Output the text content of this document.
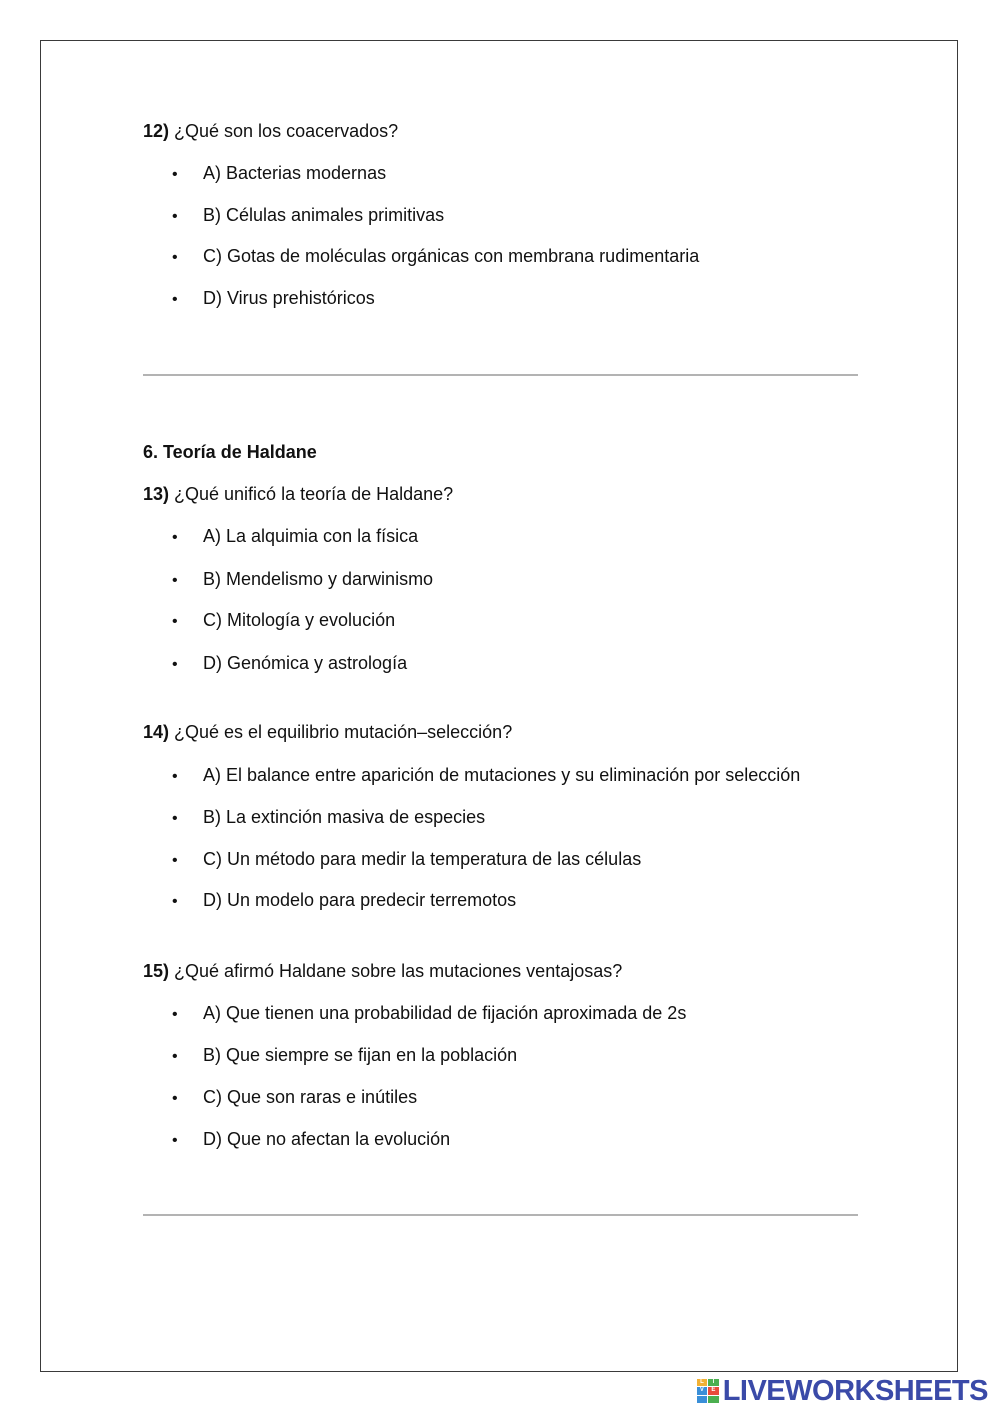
12) ¿Qué son los coacervados?
• A) Bacterias modernas
• B) Células animales primitivas
• C) Gotas de moléculas orgánicas con membrana rudimentaria
• D) Virus prehistóricos
6. Teoría de Haldane
13) ¿Qué unificó la teoría de Haldane?
• A) La alquimia con la física
• B) Mendelismo y darwinismo
• C) Mitología y evolución
• D) Genómica y astrología
14) ¿Qué es el equilibrio mutación–selección?
• A) El balance entre aparición de mutaciones y su eliminación por selección
• B) La extinción masiva de especies
• C) Un método para medir la temperatura de las células
• D) Un modelo para predecir terremotos
15) ¿Qué afirmó Haldane sobre las mutaciones ventajosas?
• A) Que tienen una probabilidad de fijación aproximada de 2s
• B) Que siempre se fijan en la población
• C) Que son raras e inútiles
• D) Que no afectan la evolución
L	I
V	E LIVEWORKSHEETS
